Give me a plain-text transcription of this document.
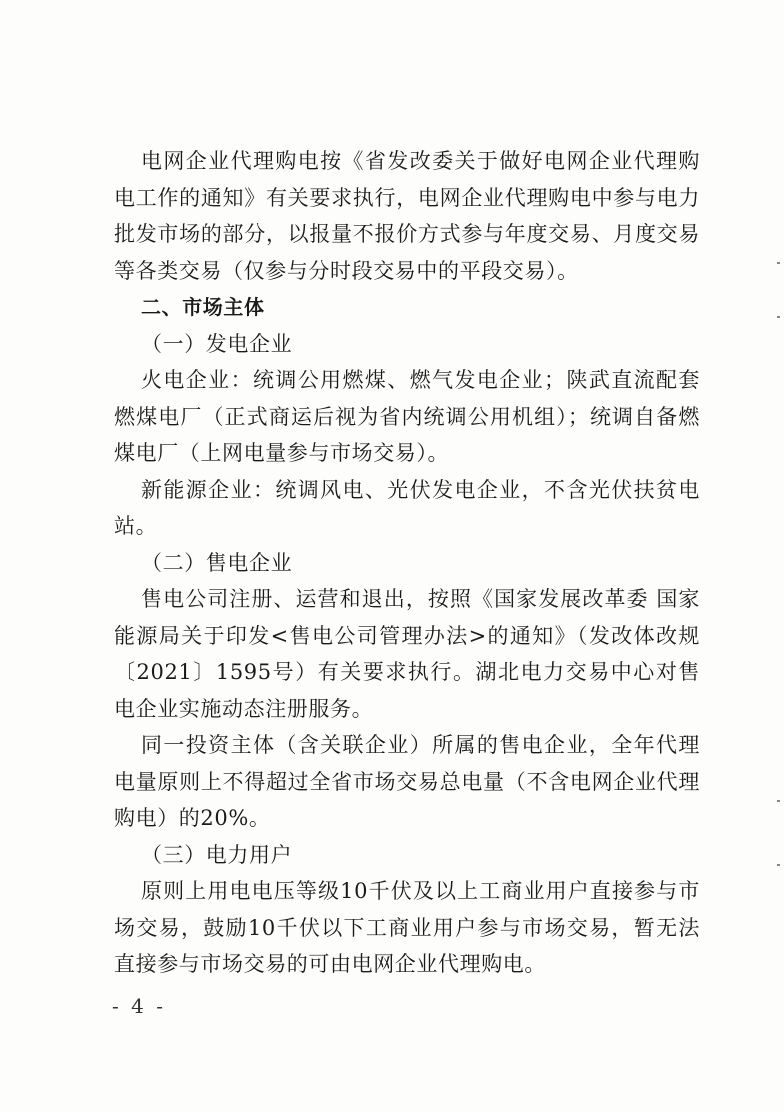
电网企业代理购电按《省发改委关于做好电网企业代理购电工作的通知》有关要求执行，电网企业代理购电中参与电力批发市场的部分，以报量不报价方式参与年度交易、月度交易等各类交易（仅参与分时段交易中的平段交易）。

二、市场主体

（一）发电企业

火电企业：统调公用燃煤、燃气发电企业；陕武直流配套燃煤电厂（正式商运后视为省内统调公用机组）；统调自备燃煤电厂（上网电量参与市场交易）。

新能源企业：统调风电、光伏发电企业，不含光伏扶贫电站。

（二）售电企业

售电公司注册、运营和退出，按照《国家发展改革委 国家能源局关于印发<售电公司管理办法>的通知》（发改体改规〔2021〕1595号）有关要求执行。湖北电力交易中心对售电企业实施动态注册服务。

同一投资主体（含关联企业）所属的售电企业，全年代理电量原则上不得超过全省市场交易总电量（不含电网企业代理购电）的20%。

（三）电力用户

原则上用电电压等级10千伏及以上工商业用户直接参与市场交易，鼓励10千伏以下工商业用户参与市场交易，暂无法直接参与市场交易的可由电网企业代理购电。

- 4 -
